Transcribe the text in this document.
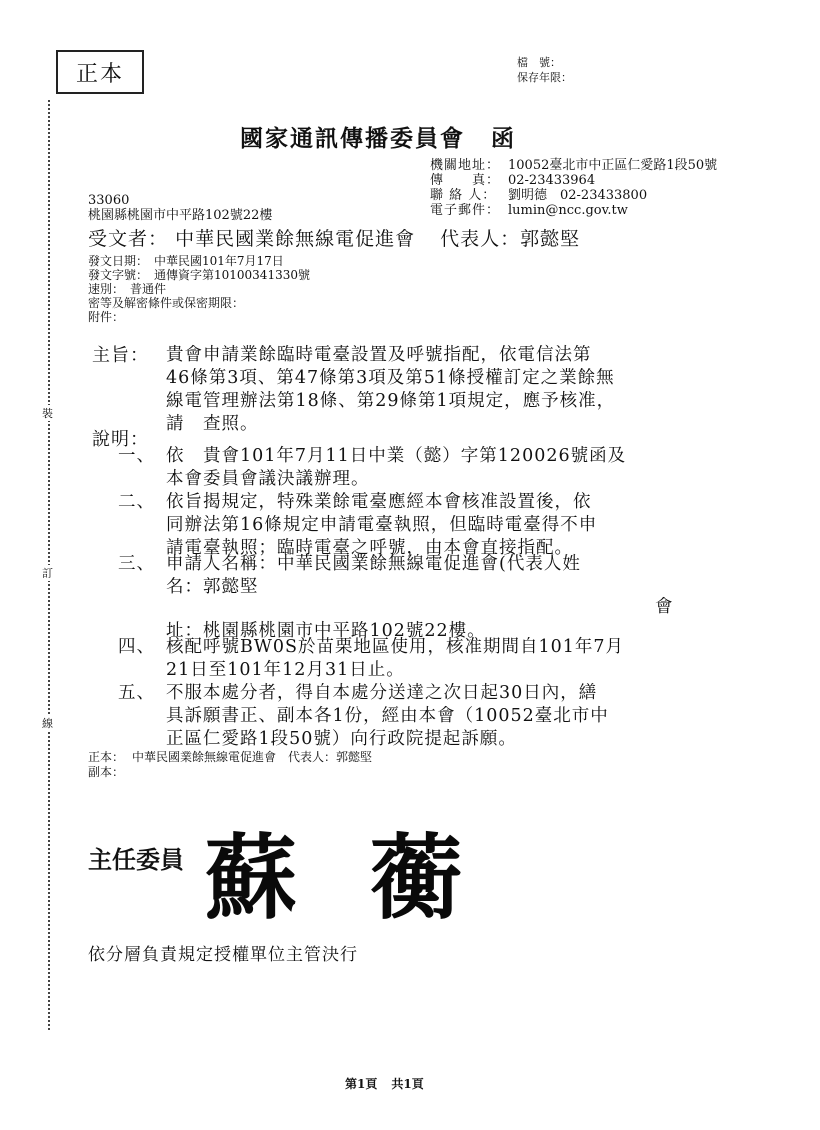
裝
訂
線
正本	檔　號：
保存年限：
國家通訊傳播委員會 函
機關地址： 10052臺北市中正區仁愛路1段50號
傳　　真： 02-23433964
聯 絡 人： 劉明德　02-23433800
電子郵件： lumin@ncc.gov.tw
33060
桃園縣桃園市中平路102號22樓
受文者： 中華民國業餘無線電促進會 代表人：郭懿堅
發文日期：　中華民國101年7月17日
發文字號：　通傳資字第10100341330號
速別：　普通件
密等及解密條件或保密期限：
附件：
主旨： 貴會申請業餘臨時電臺設置及呼號指配，依電信法第
46條第3項、第47條第3項及第51條授權訂定之業餘無
線電管理辦法第18條、第29條第1項規定，應予核准，
請　查照。
說明：
一、 依　貴會101年7月11日中業（懿）字第120026號函及
本會委員會議決議辦理。
二、 依旨揭規定，特殊業餘電臺應經本會核准設置後，依
同辦法第16條規定申請電臺執照，但臨時電臺得不申
請電臺執照；臨時電臺之呼號，由本會直接指配。
三、 申請人名稱：中華民國業餘無線電促進會(代表人姓
名：郭懿堅
會
址：桃園縣桃園市中平路102號22樓。
四、 核配呼號BW0S於苗栗地區使用，核准期間自101年7月
21日至101年12月31日止。
五、 不服本處分者，得自本處分送達之次日起30日內，繕
具訴願書正、副本各1份，經由本會（10052臺北市中
正區仁愛路1段50號）向行政院提起訴願。
正本： 中華民國業餘無線電促進會　代表人：郭懿堅
副本：
主任委員 蘇 蘅
依分層負責規定授權單位主管決行
第1頁 共1頁
